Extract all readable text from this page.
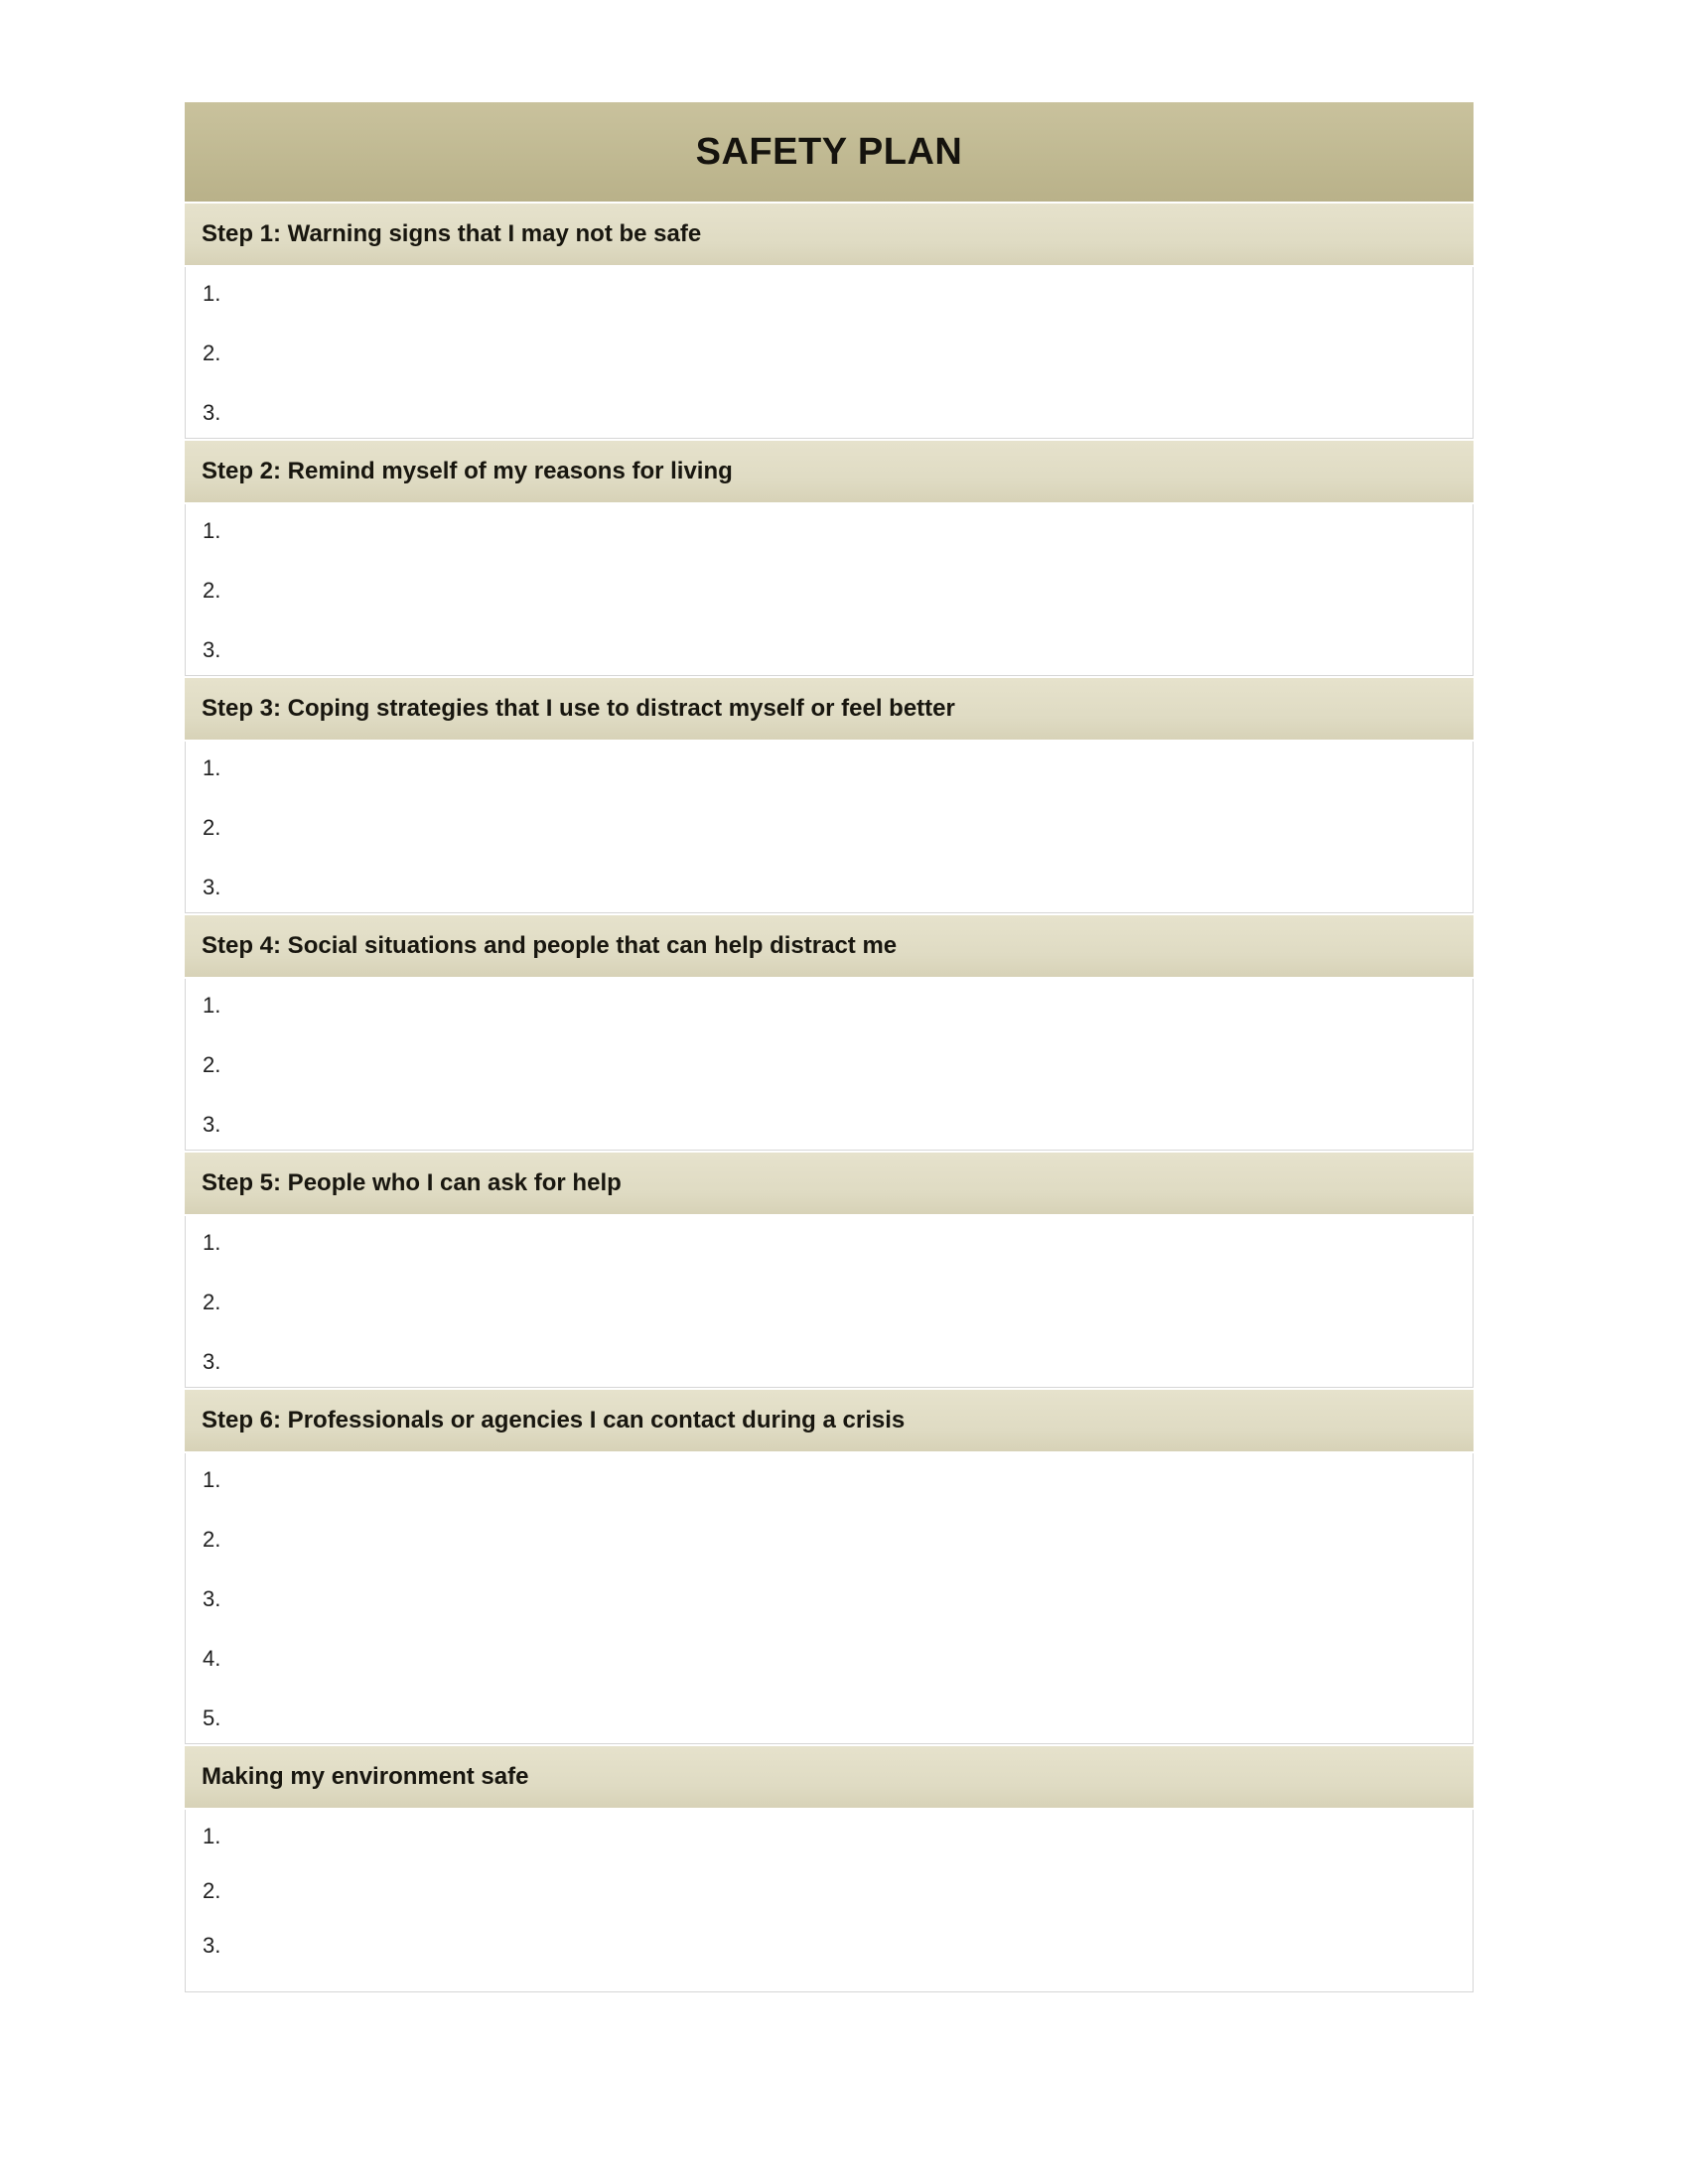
SAFETY PLAN
Step 1: Warning signs that I may not be safe
1.
2.
3.
Step 2: Remind myself of my reasons for living
1.
2.
3.
Step 3: Coping strategies that I use to distract myself or feel better
1.
2.
3.
Step 4: Social situations and people that can help distract me
1.
2.
3.
Step 5: People who I can ask for help
1.
2.
3.
Step 6: Professionals or agencies I can contact during a crisis
1.
2.
3.
4.
5.
Making my environment safe
1.
2.
3.
